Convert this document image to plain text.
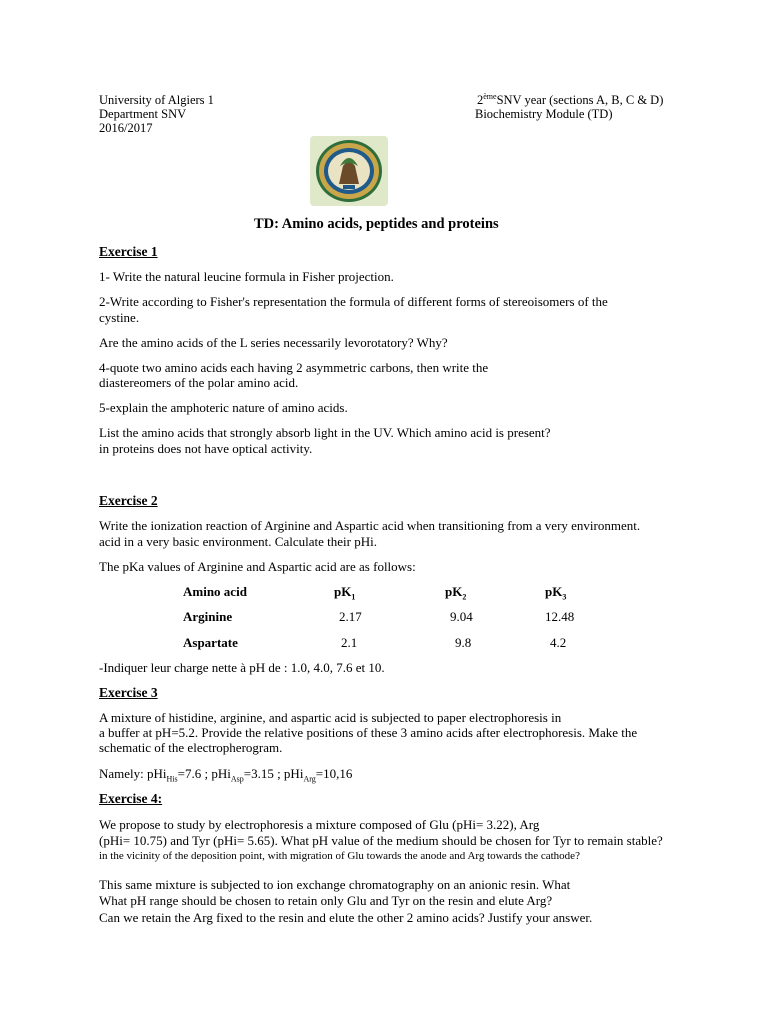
University of Algiers 1
Department SNV
2016/2017
2èmeSNV year (sections A, B, C & D)
Biochemistry Module (TD)
TD: Amino acids, peptides and proteins
Exercise 1
1- Write the natural leucine formula in Fisher projection.
2-Write according to Fisher's representation the formula of different forms of stereoisomers of the
cystine.
Are the amino acids of the L series necessarily levorotatory? Why?
4-quote two amino acids each having 2 asymmetric carbons, then write the
diastereomers of the polar amino acid.
5-explain the amphoteric nature of amino acids.
List the amino acids that strongly absorb light in the UV. Which amino acid is present?
in proteins does not have optical activity.
Exercise 2
Write the ionization reaction of Arginine and Aspartic acid when transitioning from a very environment.
acid in a very basic environment. Calculate their pHi.
The pKa values of Arginine and Aspartic acid are as follows:
Amino acid	$pK_1$	$pK_2$	$pK_3$
Arginine	2.17	9.04	12.48
Aspartate	2.1	9.8	4.2
-Indiquer leur charge nette à pH de : 1.0, 4.0, 7.6 et 10.
Exercise 3
A mixture of histidine, arginine, and aspartic acid is subjected to paper electrophoresis in
a buffer at pH=5.2. Provide the relative positions of these 3 amino acids after electrophoresis. Make the
schematic of the electropherogram.
Namely: pHi$_{His}$=7.6 ; pHi$_{Asp}$=3.15 ; pHi$_{Arg}$=10,16
Exercise 4:
We propose to study by electrophoresis a mixture composed of Glu (pHi= 3.22), Arg
(pHi= 10.75) and Tyr (pHi= 5.65). What pH value of the medium should be chosen for Tyr to remain stable?
in the vicinity of the deposition point, with migration of Glu towards the anode and Arg towards the cathode?
This same mixture is subjected to ion exchange chromatography on an anionic resin. What
What pH range should be chosen to retain only Glu and Tyr on the resin and elute Arg?
Can we retain the Arg fixed to the resin and elute the other 2 amino acids? Justify your answer.
